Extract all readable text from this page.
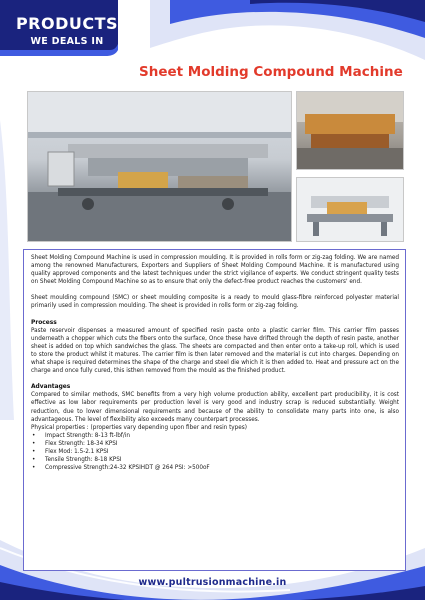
PRODUCTS
WE DEALS IN
Sheet Molding Compound Machine

Sheet Molding Compound Machine is used in compression moulding. It is provided in rolls form or zig-zag folding. We are named among the renowned Manufacturers, Exporters and Suppliers of Sheet Molding Compound Machine. It is manufactured using quality approved components and the latest techniques under the strict vigilance of experts. We conduct stringent quality tests on Sheet Molding Compound Machine so as to ensure that only the defect-free product reaches the customers' end.

Sheet moulding compound (SMC) or sheet moulding composite is a ready to mould glass-fibre reinforced polyester material primarily used in compression moulding. The sheet is provided in rolls form or zig-zag folding.

Process

Paste reservoir dispenses a measured amount of specified resin paste onto a plastic carrier film. This carrier film passes underneath a chopper which cuts the fibers onto the surface, Once these have drifted through the depth of resin paste, another sheet is added on top which sandwiches the glass. The sheets are compacted and then enter onto a take-up roll, which is used to store the product whilst it matures. The carrier film is then later removed and the material is cut into charges. Depending on what shape is required determines the shape of the charge and steel die which it is then added to. Heat and pressure act on the charge and once fully cured, this isthen removed from the mould as the finished product.

Advantages

Compared to similar methods, SMC benefits from a very high volume production ability, excellent part producibility, it is cost effective as low labor requirements per production level is very good and industry scrap is reduced substantially. Weight reduction, due to lower dimensional requirements and because of the ability to consolidate many parts into one, is also advantageous. The level of flexibility also exceeds many counterpart processes.

Physical properties : (properties vary depending upon fiber and resin types)

• Impact Strength: 8-13 ft-lbf/in
• Flex Strength: 18-34 KPSI
• Flex Mod: 1.5-2.1 KPSI
• Tensile Strength: 8-18 KPSI
• Compressive Strength:24-32 KPSIHDT @ 264 PSI: >500oF
www.pultrusionmachine.in
